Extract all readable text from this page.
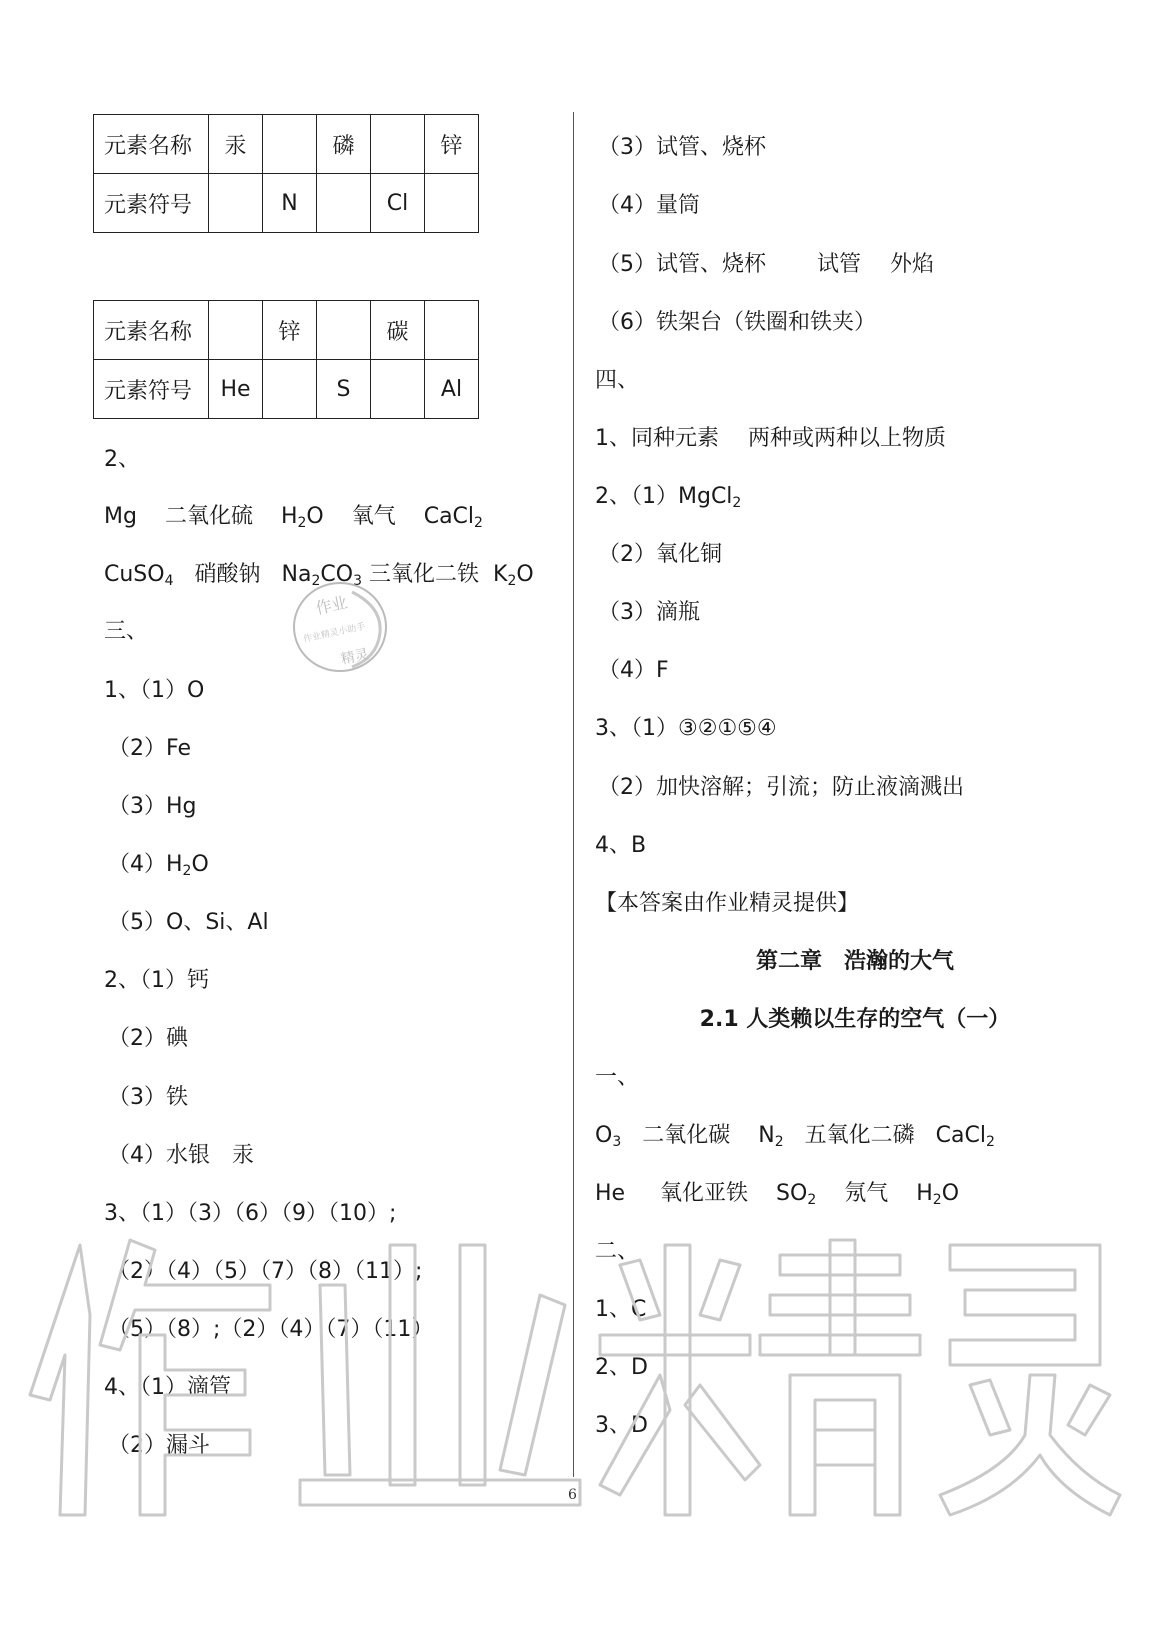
元素名称	汞		磷		锌
元素符号		N		Cl	
元素名称		锌		碳	
元素符号	He		S		Al
2、
Mg 二氧化硫 $H_2O$ 氧气 CaCl$_2$
CuSO$_4$ 硝酸钠 $Na_2CO_3$ 三氧化二铁 $K_2O$
三、
1、（1）O
（2）Fe
（3）Hg
$(4)H_2O$
（5）O、Si、Al
2、（1）钙
（2）碘
（3）铁
（4）水银　汞
3、（1）（3）（6）（9）（10）;
（2）（4）（5）（7）（8）（11）;
（5）（8）;（2）（4）（7）（11）
4、（1）滴管
（2）漏斗
（3）试管、烧杯
（4）量筒
（5）试管、烧杯　　 试管　 外焰
（6）铁架台（铁圈和铁夹）
四、
1、同种元素　 两种或两种以上物质
2、（1）MgCl$_2$
（2）氧化铜
（3）滴瓶
（4）F
3、（1）③②①⑤④
（2）加快溶解；引流；防止液滴溅出
4、B
【本答案由作业精灵提供】
第二章　浩瀚的大气
2.1 人类赖以生存的空气（一）
一、
$O_3$ 二氧化碳 $N_2$ 五氧化二磷 CaCl$_2$
He 氧化亚铁 $SO_2$ 氖气 $H_2O$
二、
1、C
2、D
3、D
6
作业
作业精灵小助手
精灵
